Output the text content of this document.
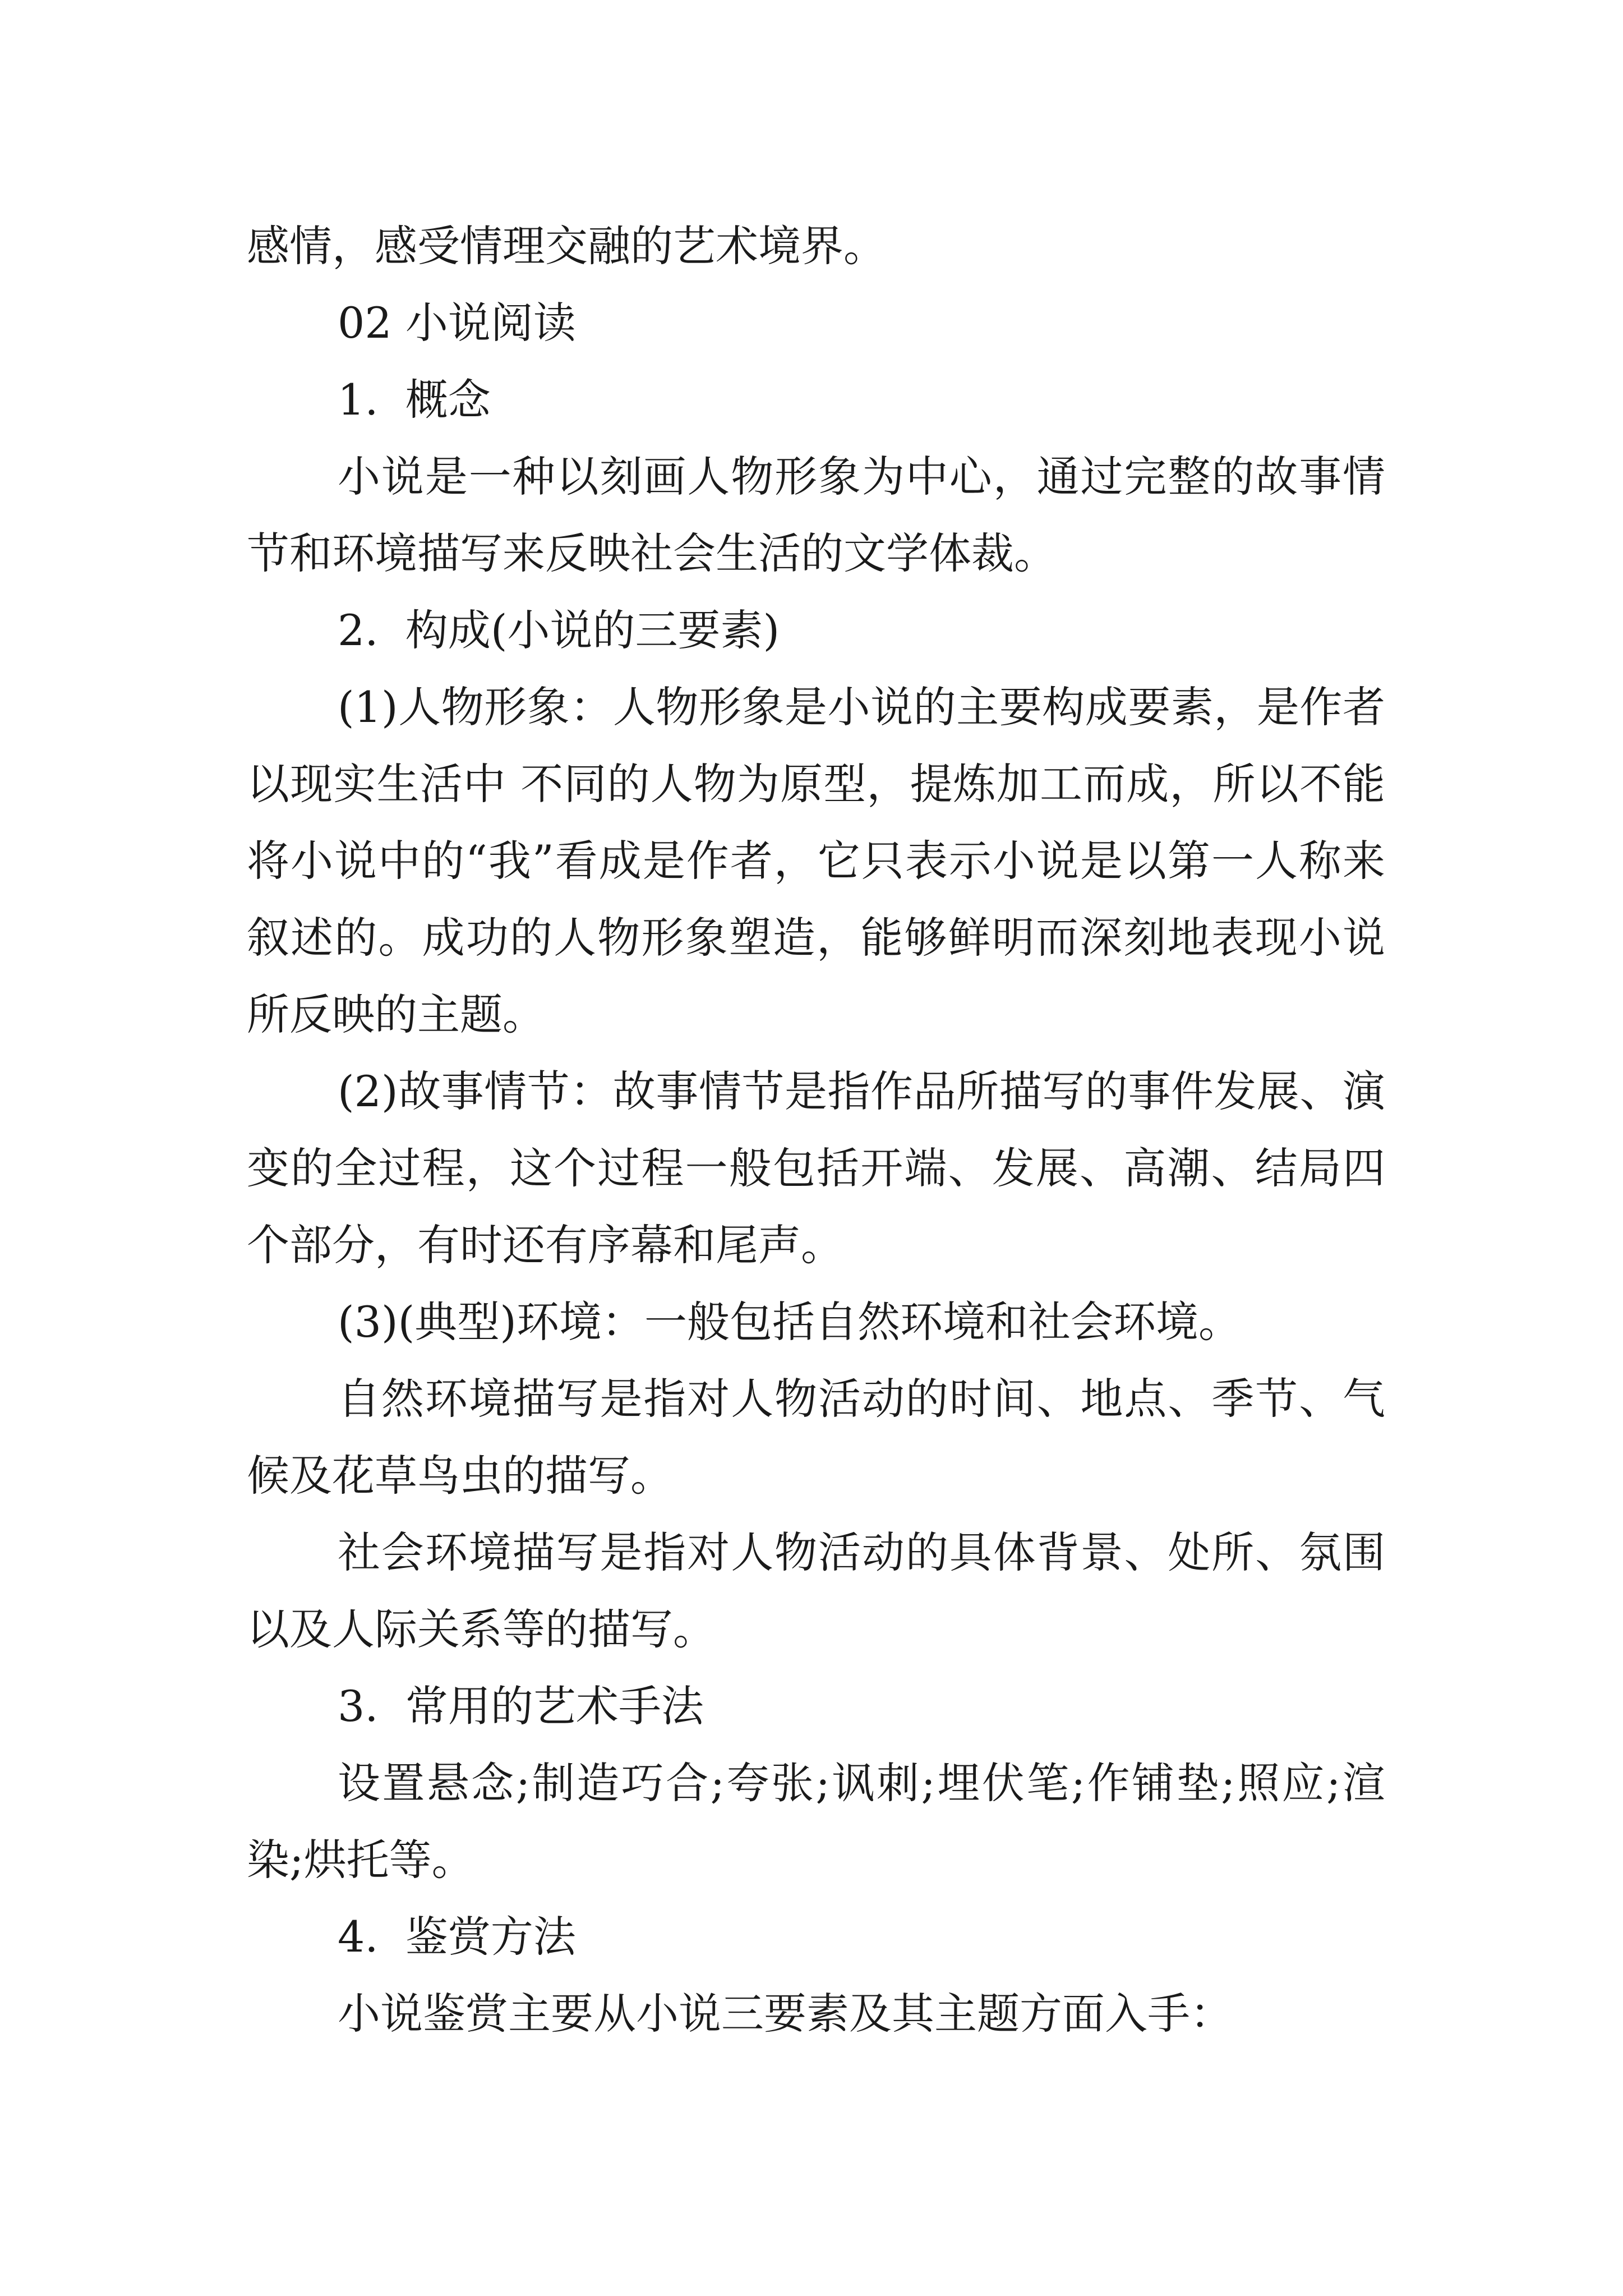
感情，感受情理交融的艺术境界。

02 小说阅读

1.  概念

小说是一种以刻画人物形象为中心，通过完整的故事情节和环境描写来反映社会生活的文学体裁。

2.  构成(小说的三要素)

(1)人物形象：人物形象是小说的主要构成要素，是作者以现实生活中 不同的人物为原型，提炼加工而成，所以不能将小说中的“我”看成是作者，它只表示小说是以第一人称来叙述的。成功的人物形象塑造，能够鲜明而深刻地表现小说所反映的主题。

(2)故事情节：故事情节是指作品所描写的事件发展、演变的全过程，这个过程一般包括开端、发展、高潮、结局四个部分，有时还有序幕和尾声。

(3)(典型)环境：一般包括自然环境和社会环境。

自然环境描写是指对人物活动的时间、地点、季节、气候及花草鸟虫的描写。

社会环境描写是指对人物活动的具体背景、处所、氛围以及人际关系等的描写。

3.  常用的艺术手法

设置悬念;制造巧合;夸张;讽刺;埋伏笔;作铺垫;照应;渲染;烘托等。

4.  鉴赏方法

小说鉴赏主要从小说三要素及其主题方面入手：
